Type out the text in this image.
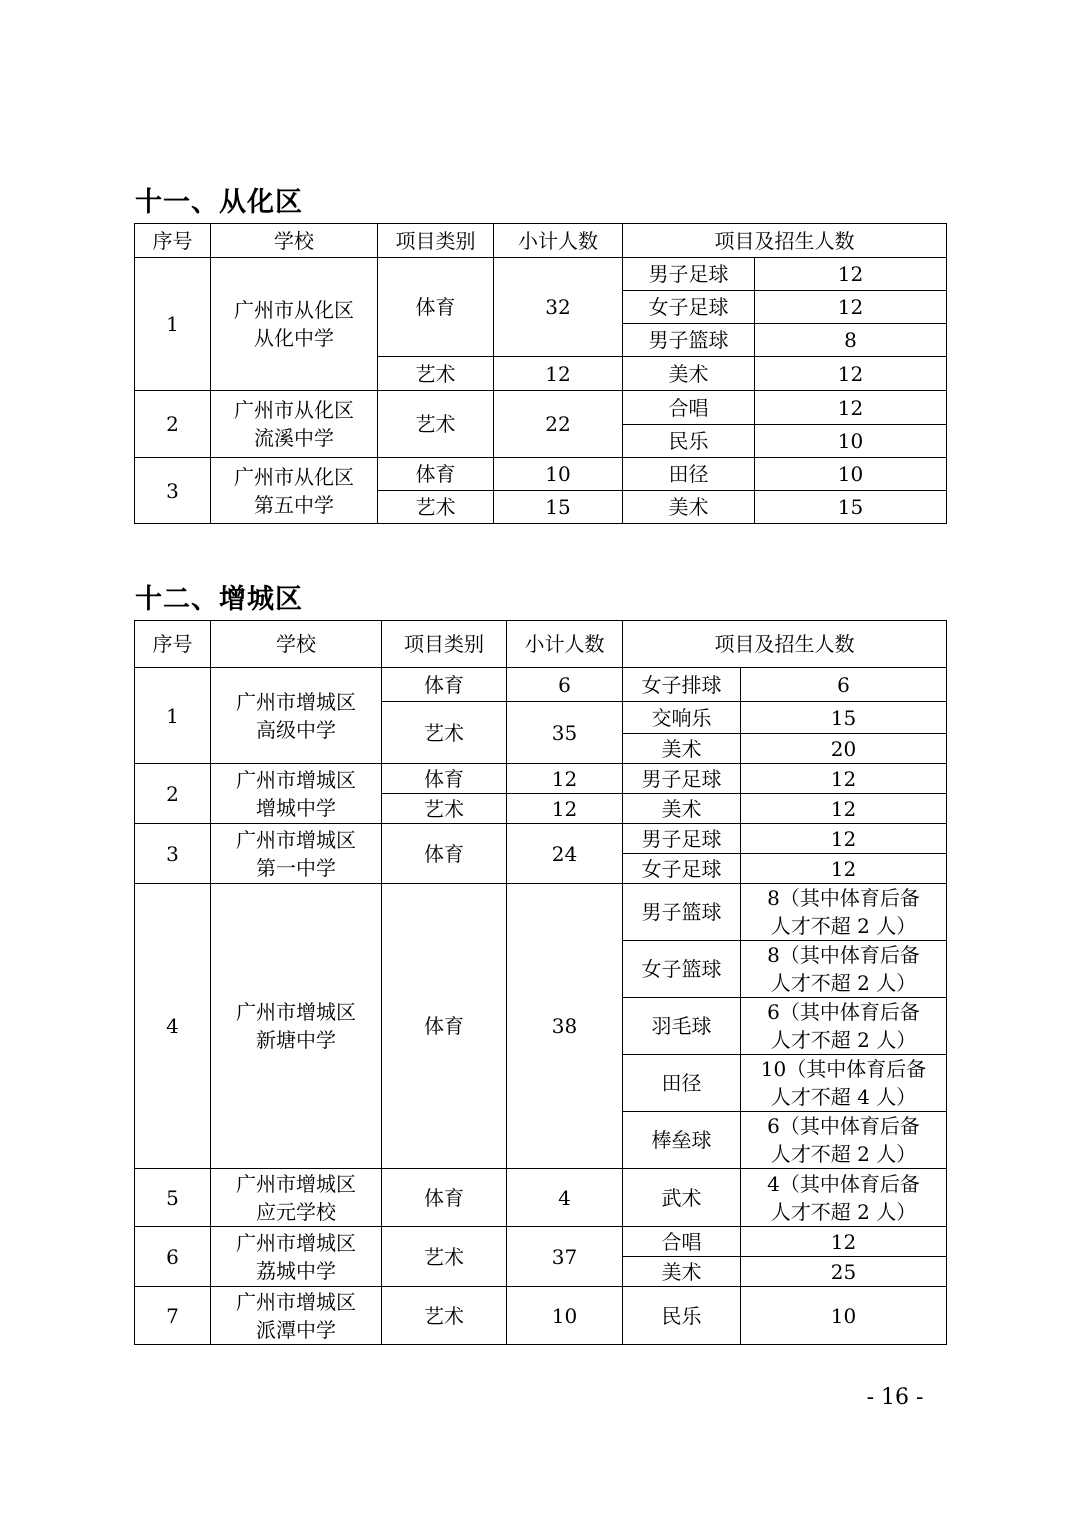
十一、从化区
序号	学校	项目类别	小计人数	项目及招生人数	
1	广州市从化区
从化中学	体育	32	男子足球	12
				女子足球	12
				男子篮球	8
		艺术	12	美术	12
2	广州市从化区
流溪中学	艺术	22	合唱	12
				民乐	10
3	广州市从化区
第五中学	体育	10	田径	10
		艺术	15	美术	15
十二、增城区
序号	学校	项目类别	小计人数	项目及招生人数	
1	广州市增城区
高级中学	体育	6	女子排球	6
		艺术	35	交响乐	15
				美术	20
2	广州市增城区
增城中学	体育	12	男子足球	12
		艺术	12	美术	12
3	广州市增城区
第一中学	体育	24	男子足球	12
				女子足球	12
4	广州市增城区
新塘中学	体育	38	男子篮球	8（其中体育后备
人才不超 2 人）
				女子篮球	8（其中体育后备
人才不超 2 人）
				羽毛球	6（其中体育后备
人才不超 2 人）
				田径	10（其中体育后备
人才不超 4 人）
				棒垒球	6（其中体育后备
人才不超 2 人）
5	广州市增城区
应元学校	体育	4	武术	4（其中体育后备
人才不超 2 人）
6	广州市增城区
荔城中学	艺术	37	合唱	12
				美术	25
7	广州市增城区
派潭中学	艺术	10	民乐	10
- 16 -
